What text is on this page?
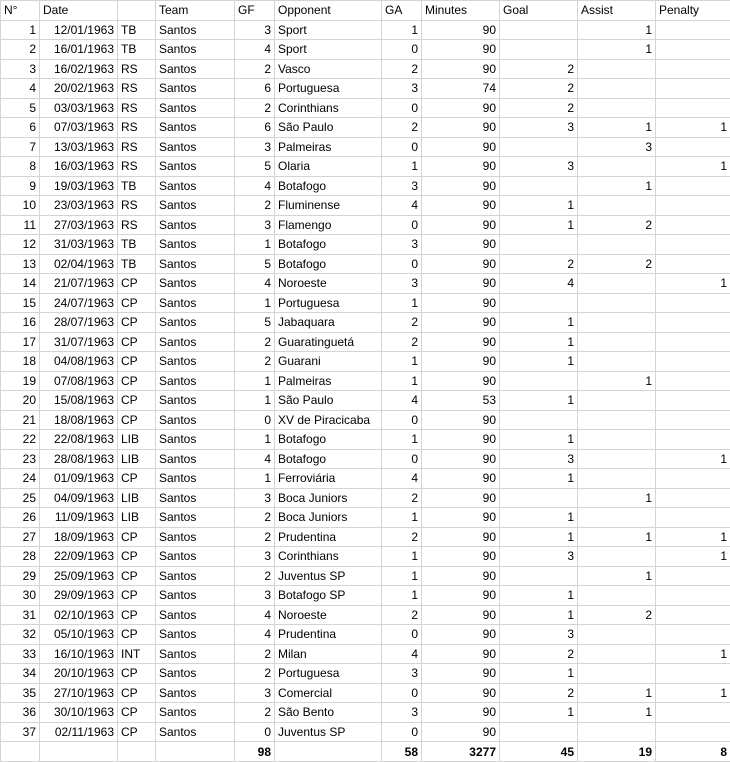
N°	Date		Team	GF	Opponent	GA	Minutes	Goal	Assist	Penalty
1	12/01/1963	TB	Santos	3	Sport	1	90		1	
2	16/01/1963	TB	Santos	4	Sport	0	90		1	
3	16/02/1963	RS	Santos	2	Vasco	2	90	2		
4	20/02/1963	RS	Santos	6	Portuguesa	3	74	2		
5	03/03/1963	RS	Santos	2	Corinthians	0	90	2		
6	07/03/1963	RS	Santos	6	São Paulo	2	90	3	1	1
7	13/03/1963	RS	Santos	3	Palmeiras	0	90		3	
8	16/03/1963	RS	Santos	5	Olaria	1	90	3		1
9	19/03/1963	TB	Santos	4	Botafogo	3	90		1	
10	23/03/1963	RS	Santos	2	Fluminense	4	90	1		
11	27/03/1963	RS	Santos	3	Flamengo	0	90	1	2	
12	31/03/1963	TB	Santos	1	Botafogo	3	90			
13	02/04/1963	TB	Santos	5	Botafogo	0	90	2	2	
14	21/07/1963	CP	Santos	4	Noroeste	3	90	4		1
15	24/07/1963	CP	Santos	1	Portuguesa	1	90			
16	28/07/1963	CP	Santos	5	Jabaquara	2	90	1		
17	31/07/1963	CP	Santos	2	Guaratinguetá	2	90	1		
18	04/08/1963	CP	Santos	2	Guarani	1	90	1		
19	07/08/1963	CP	Santos	1	Palmeiras	1	90		1	
20	15/08/1963	CP	Santos	1	São Paulo	4	53	1		
21	18/08/1963	CP	Santos	0	XV de Piracicaba	0	90			
22	22/08/1963	LIB	Santos	1	Botafogo	1	90	1		
23	28/08/1963	LIB	Santos	4	Botafogo	0	90	3		1
24	01/09/1963	CP	Santos	1	Ferroviária	4	90	1		
25	04/09/1963	LIB	Santos	3	Boca Juniors	2	90		1	
26	11/09/1963	LIB	Santos	2	Boca Juniors	1	90	1		
27	18/09/1963	CP	Santos	2	Prudentina	2	90	1	1	1
28	22/09/1963	CP	Santos	3	Corinthians	1	90	3		1
29	25/09/1963	CP	Santos	2	Juventus SP	1	90		1	
30	29/09/1963	CP	Santos	3	Botafogo SP	1	90	1		
31	02/10/1963	CP	Santos	4	Noroeste	2	90	1	2	
32	05/10/1963	CP	Santos	4	Prudentina	0	90	3		
33	16/10/1963	INT	Santos	2	Milan	4	90	2		1
34	20/10/1963	CP	Santos	2	Portuguesa	3	90	1		
35	27/10/1963	CP	Santos	3	Comercial	0	90	2	1	1
36	30/10/1963	CP	Santos	2	São Bento	3	90	1	1	
37	02/11/1963	CP	Santos	0	Juventus SP	0	90			
				98		58	3277	45	19	8
